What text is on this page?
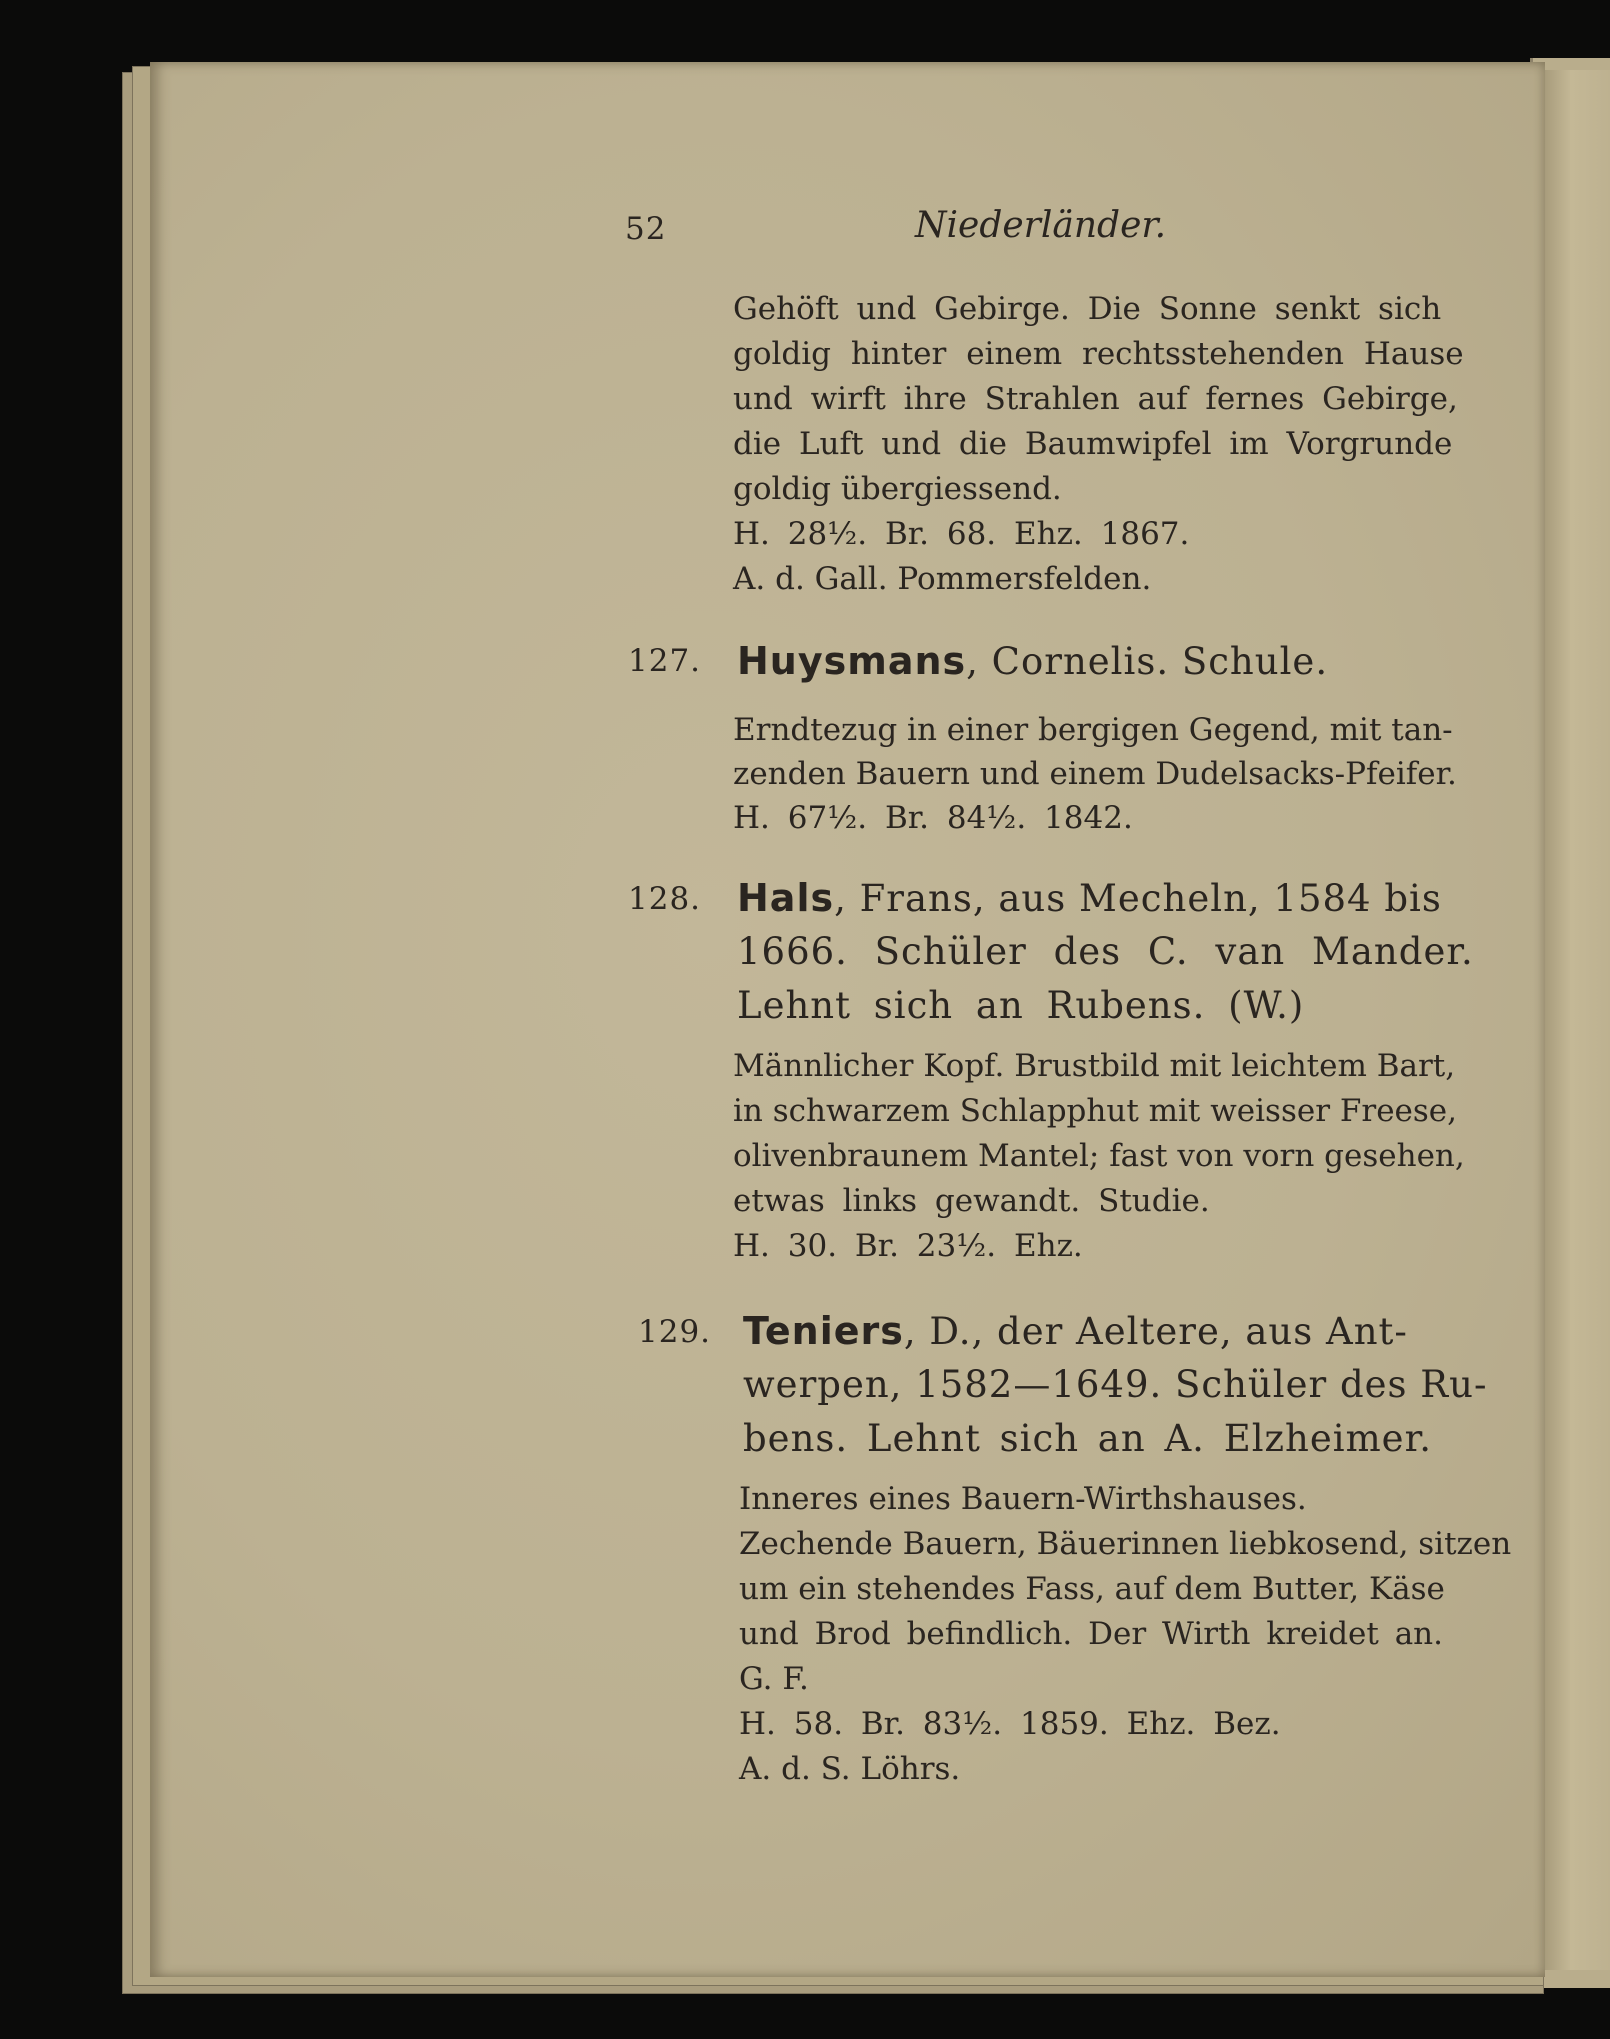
52	Niederländer.
Gehöft und Gebirge. Die Sonne senkt sich
goldig hinter einem rechtsstehenden Hause
und wirft ihre Strahlen auf fernes Gebirge,
die Luft und die Baumwipfel im Vorgrunde
goldig übergiessend.
H. 28½. Br. 68. Ehz. 1867.
A. d. Gall. Pommersfelden.
127. Huysmans, Cornelis. Schule.
Erndtezug in einer bergigen Gegend, mit tan-
zenden Bauern und einem Dudelsacks-Pfeifer.
H. 67½. Br. 84½. 1842.
128. Hals, Frans, aus Mecheln, 1584 bis
1666. Schüler des C. van Mander.
Lehnt sich an Rubens. (W.)
Männlicher Kopf. Brustbild mit leichtem Bart,
in schwarzem Schlapphut mit weisser Freese,
olivenbraunem Mantel; fast von vorn gesehen,
etwas links gewandt. Studie.
H. 30. Br. 23½. Ehz.
129. Teniers, D., der Aeltere, aus Ant-
werpen, 1582—1649. Schüler des Ru-
bens. Lehnt sich an A. Elzheimer.
Inneres eines Bauern-Wirthshauses.
Zechende Bauern, Bäuerinnen liebkosend, sitzen
um ein stehendes Fass, auf dem Butter, Käse
und Brod befindlich. Der Wirth kreidet an.
G. F.
H. 58. Br. 83½. 1859. Ehz. Bez.
A. d. S. Löhrs.
